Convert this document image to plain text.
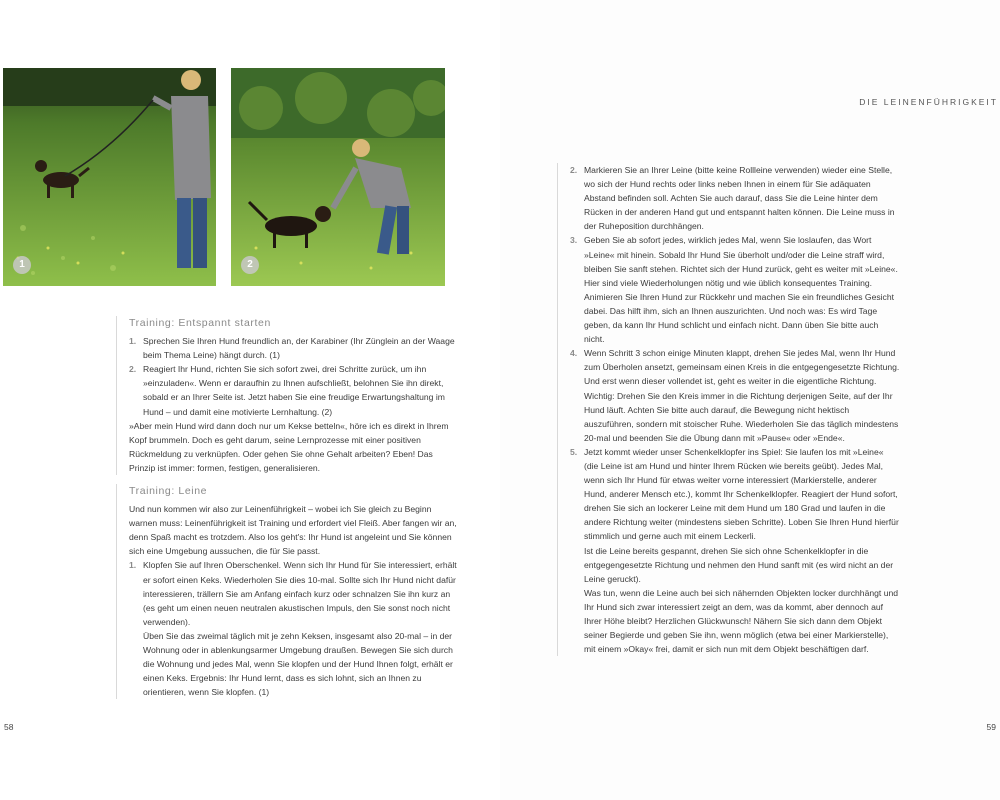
1	2
DIE LEINENFÜHRIGKEIT
Training: Entspannt starten
1. Sprechen Sie Ihren Hund freundlich an, der Karabiner (Ihr Zünglein an der Waage beim Thema Leine) hängt durch. (1)
2. Reagiert Ihr Hund, richten Sie sich sofort zwei, drei Schritte zurück, um ihn »einzuladen«. Wenn er daraufhin zu Ihnen aufschließt, belohnen Sie ihn direkt, sobald er an Ihrer Seite ist. Jetzt haben Sie eine freudige Erwartungshaltung im Hund – und damit eine motivierte Lernhaltung. (2)

»Aber mein Hund wird dann doch nur um Kekse betteln«, höre ich es direkt in Ihrem Kopf brummeln. Doch es geht darum, seine Lernprozesse mit einer positiven Rückmeldung zu verknüpfen. Oder gehen Sie ohne Gehalt arbeiten? Eben! Das Prinzip ist immer: formen, festigen, generalisieren.

Training: Leine

Und nun kommen wir also zur Leinenführigkeit – wobei ich Sie gleich zu Beginn warnen muss: Leinenführigkeit ist Training und erfordert viel Fleiß. Aber fangen wir an, denn Spaß macht es trotzdem. Also los geht's: Ihr Hund ist angeleint und Sie können sich eine Umgebung aussuchen, die für Sie passt.

1. Klopfen Sie auf Ihren Oberschenkel. Wenn sich Ihr Hund für Sie interessiert, erhält er sofort einen Keks. Wiederholen Sie dies 10-mal. Sollte sich Ihr Hund nicht dafür interessieren, trällern Sie am Anfang einfach kurz oder schnalzen Sie ihn kurz an (es geht um einen neuen neutralen akustischen Impuls, den Sie sonst noch nicht verwenden).

Üben Sie das zweimal täglich mit je zehn Keksen, insgesamt also 20-mal – in der Wohnung oder in ablenkungsarmer Umgebung draußen. Bewegen Sie sich durch die Wohnung und jedes Mal, wenn Sie klopfen und der Hund Ihnen folgt, erhält er einen Keks. Ergebnis: Ihr Hund lernt, dass es sich lohnt, sich an Ihnen zu orientieren, wenn Sie klopfen. (1)

2. Markieren Sie an Ihrer Leine (bitte keine Rollleine verwenden) wieder eine Stelle, wo sich der Hund rechts oder links neben Ihnen in einem für Sie adäquaten Abstand befinden soll. Achten Sie auch darauf, dass Sie die Leine hinter dem Rücken in der anderen Hand gut und entspannt halten können. Die Leine muss in der Ruheposition durchhängen.
3. Geben Sie ab sofort jedes, wirklich jedes Mal, wenn Sie loslaufen, das Wort »Leine« mit hinein. Sobald Ihr Hund Sie überholt und/oder die Leine straff wird, bleiben Sie sanft stehen. Richtet sich der Hund zurück, geht es weiter mit »Leine«. Hier sind viele Wiederholungen nötig und wie üblich konsequentes Training. Animieren Sie Ihren Hund zur Rückkehr und machen Sie ein freundliches Gesicht dabei. Das hilft ihm, sich an Ihnen auszurichten. Und noch was: Es wird Tage geben, da kann Ihr Hund schlicht und einfach nicht. Dann üben Sie bitte auch nicht.
4. Wenn Schritt 3 schon einige Minuten klappt, drehen Sie jedes Mal, wenn Ihr Hund zum Überholen ansetzt, gemeinsam einen Kreis in die entgegengesetzte Richtung. Und erst wenn dieser vollendet ist, geht es weiter in die eigentliche Richtung. Wichtig: Drehen Sie den Kreis immer in die Richtung derjenigen Seite, auf der Ihr Hund läuft. Achten Sie bitte auch darauf, die Bewegung nicht hektisch auszuführen, sondern mit stoischer Ruhe. Wiederholen Sie das täglich mindestens 20-mal und beenden Sie die Übung dann mit »Pause« oder »Ende«.
5. Jetzt kommt wieder unser Schenkelklopfer ins Spiel: Sie laufen los mit »Leine« (die Leine ist am Hund und hinter Ihrem Rücken wie bereits geübt). Jedes Mal, wenn sich Ihr Hund für etwas weiter vorne interessiert (Markierstelle, anderer Hund, anderer Mensch etc.), kommt Ihr Schenkelklopfer. Reagiert der Hund sofort, drehen Sie sich an lockerer Leine mit dem Hund um 180 Grad und laufen in die andere Richtung weiter (mindestens sieben Schritte). Loben Sie Ihren Hund hierfür stimmlich und gerne auch mit einem Leckerli.

Ist die Leine bereits gespannt, drehen Sie sich ohne Schenkelklopfer in die entgegengesetzte Richtung und nehmen den Hund sanft mit (es wird nicht an der Leine geruckt).

Was tun, wenn die Leine auch bei sich nähernden Objekten locker durchhängt und Ihr Hund sich zwar interessiert zeigt an dem, was da kommt, aber dennoch auf Ihrer Höhe bleibt? Herzlichen Glückwunsch! Nähern Sie sich dann dem Objekt seiner Begierde und geben Sie ihn, wenn möglich (etwa bei einer Markierstelle), mit einem »Okay« frei, damit er sich nun mit dem Objekt beschäftigen darf.

58	59
